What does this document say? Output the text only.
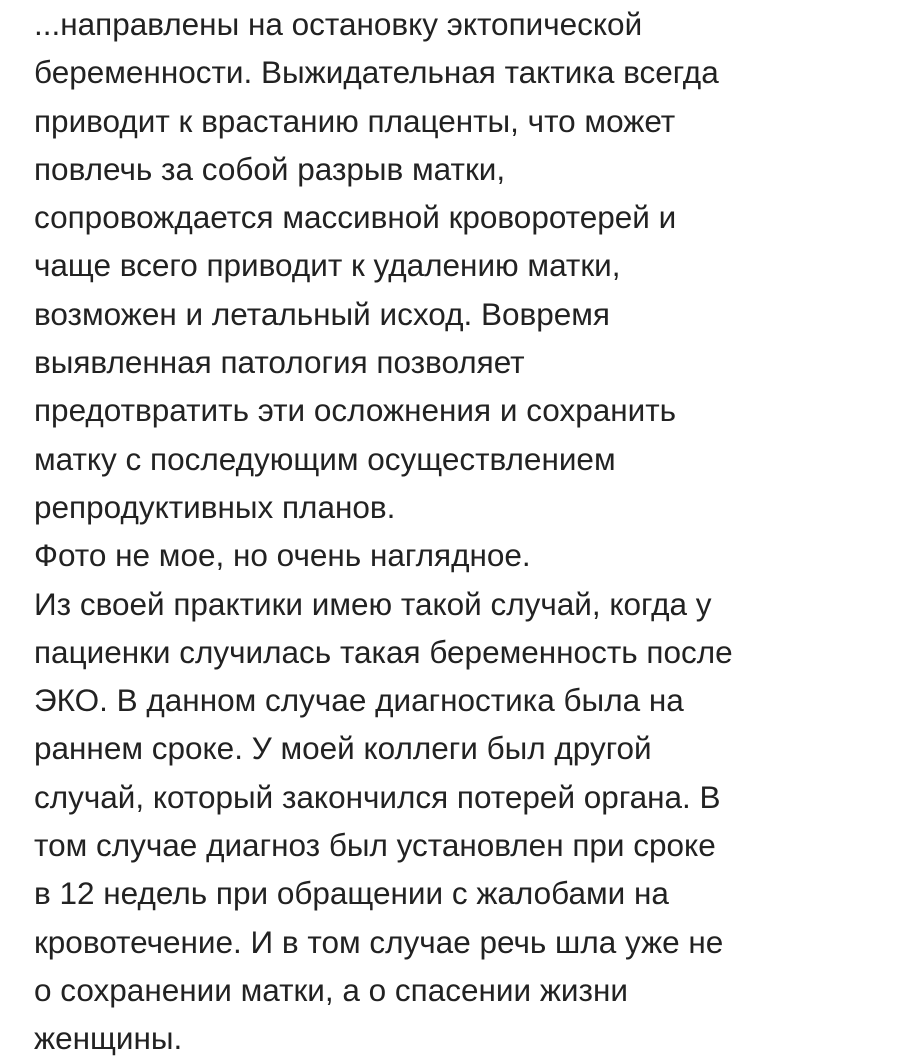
...направлены на остановку эктопической
беременности. Выжидательная тактика всегда
приводит к врастанию плаценты, что может
повлечь за собой разрыв матки,
сопровождается массивной кровоpотерей и
чаще всего приводит к удалению матки,
возможен и летальный исход. Вовремя
выявленная патология позволяет
предотвратить эти осложнения и сохранить
матку с последующим осуществлением
репродуктивных планов.
Фото не мое, но очень наглядное.
Из своей практики имею такой случай, когда у
пациенки случилась такая беременность после
ЭКО. В данном случае диагностика была на
раннем сроке. У моей коллеги был другой
случай, который закончился потерей органа. В
том случае диагноз был установлен при сроке
в 12 недель при обращении с жалобами на
кровотечение. И в том случае речь шла уже не
о сохранении матки, а о спасении жизни
женщины.
